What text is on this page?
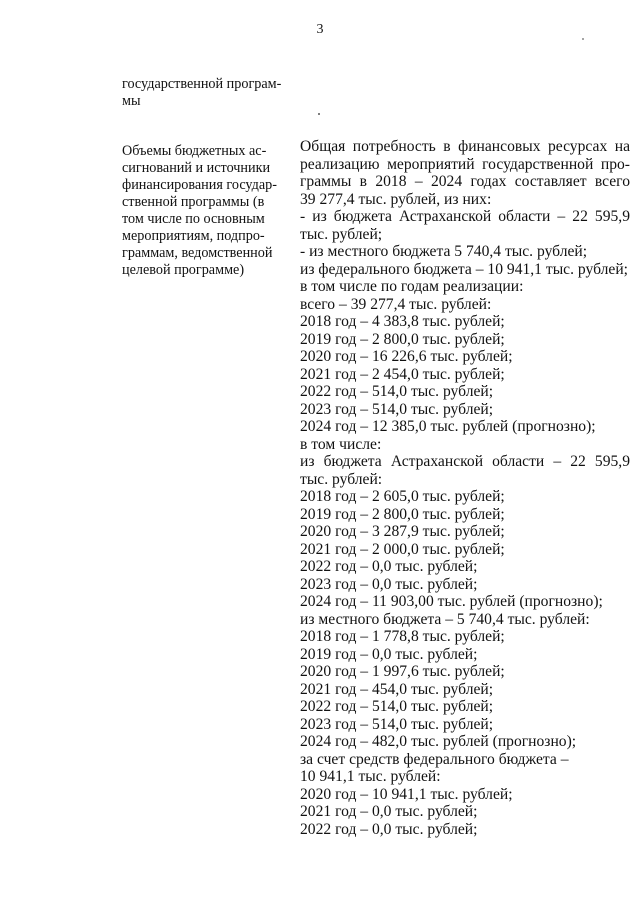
3
государственной програм-
мы
Объемы бюджетных ас-
сигнований и источники
финансирования государ-
ственной программы (в
том числе по основным
мероприятиям, подпро-
граммам, ведомственной
целевой программе)
Общая потребность в финансовых ресурсах на
реализацию мероприятий государственной про-
граммы в 2018 – 2024 годах составляет всего
39 277,4 тыс. рублей, из них:
- из бюджета Астраханской области – 22 595,9
тыс. рублей;
- из местного бюджета 5 740,4 тыс. рублей;
из федерального бюджета – 10 941,1 тыс. рублей;
в том числе по годам реализации:
всего – 39 277,4 тыс. рублей:
2018 год – 4 383,8 тыс. рублей;
2019 год – 2 800,0 тыс. рублей;
2020 год – 16 226,6 тыс. рублей;
2021 год – 2 454,0 тыс. рублей;
2022 год – 514,0 тыс. рублей;
2023 год – 514,0 тыс. рублей;
2024 год – 12 385,0 тыс. рублей (прогнозно);
в том числе:
из бюджета Астраханской области – 22 595,9
тыс. рублей:
2018 год – 2 605,0 тыс. рублей;
2019 год – 2 800,0 тыс. рублей;
2020 год – 3 287,9 тыс. рублей;
2021 год – 2 000,0 тыс. рублей;
2022 год – 0,0 тыс. рублей;
2023 год – 0,0 тыс. рублей;
2024 год – 11 903,00 тыс. рублей (прогнозно);
из местного бюджета – 5 740,4 тыс. рублей:
2018 год – 1 778,8 тыс. рублей;
2019 год – 0,0 тыс. рублей;
2020 год – 1 997,6 тыс. рублей;
2021 год – 454,0 тыс. рублей;
2022 год – 514,0 тыс. рублей;
2023 год – 514,0 тыс. рублей;
2024 год – 482,0 тыс. рублей (прогнозно);
за счет средств федерального бюджета –
10 941,1 тыс. рублей:
2020 год – 10 941,1 тыс. рублей;
2021 год – 0,0 тыс. рублей;
2022 год – 0,0 тыс. рублей;
